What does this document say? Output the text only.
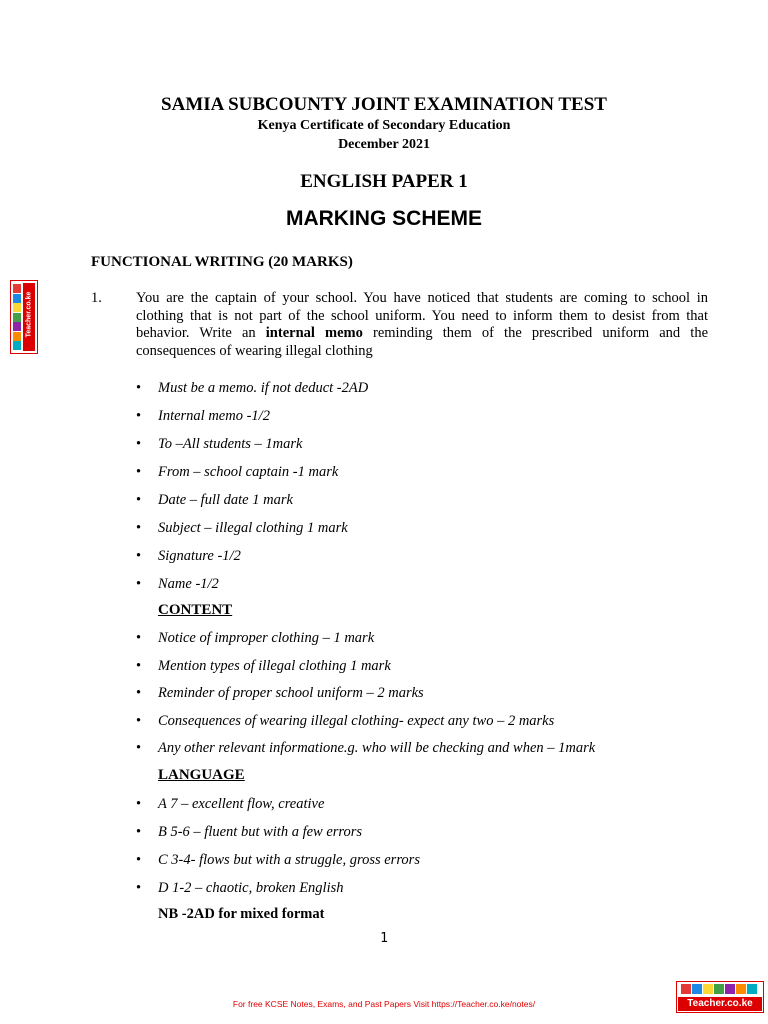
SAMIA SUBCOUNTY JOINT EXAMINATION TEST
Kenya Certificate of Secondary Education
December 2021
ENGLISH PAPER 1
MARKING SCHEME
FUNCTIONAL WRITING (20 MARKS)
1. You are the captain of your school. You have noticed that students are coming to school in clothing that is not part of the school uniform. You need to inform them to desist from that behavior. Write an internal memo reminding them of the prescribed uniform and the consequences of wearing illegal clothing
• Must be a memo. if not deduct -2AD
• Internal memo -1/2
• To –All students – 1mark
• From – school captain -1 mark
• Date – full date 1 mark
• Subject – illegal clothing 1 mark
• Signature -1/2
• Name -1/2
CONTENT
• Notice of improper clothing – 1 mark
• Mention types of illegal clothing 1 mark
• Reminder of proper school uniform – 2 marks
• Consequences of wearing illegal clothing- expect any two – 2 marks
• Any other relevant informatione.g. who will be checking and when – 1mark
LANGUAGE
• A 7 – excellent flow, creative
• B 5-6 – fluent but with a few errors
• C 3-4- flows but with a struggle, gross errors
• D 1-2 – chaotic, broken English
NB -2AD for mixed format
1
Teacher.co.ke
For free KCSE Notes, Exams, and Past Papers Visit https://Teacher.co.ke/notes/	Teacher.co.ke
